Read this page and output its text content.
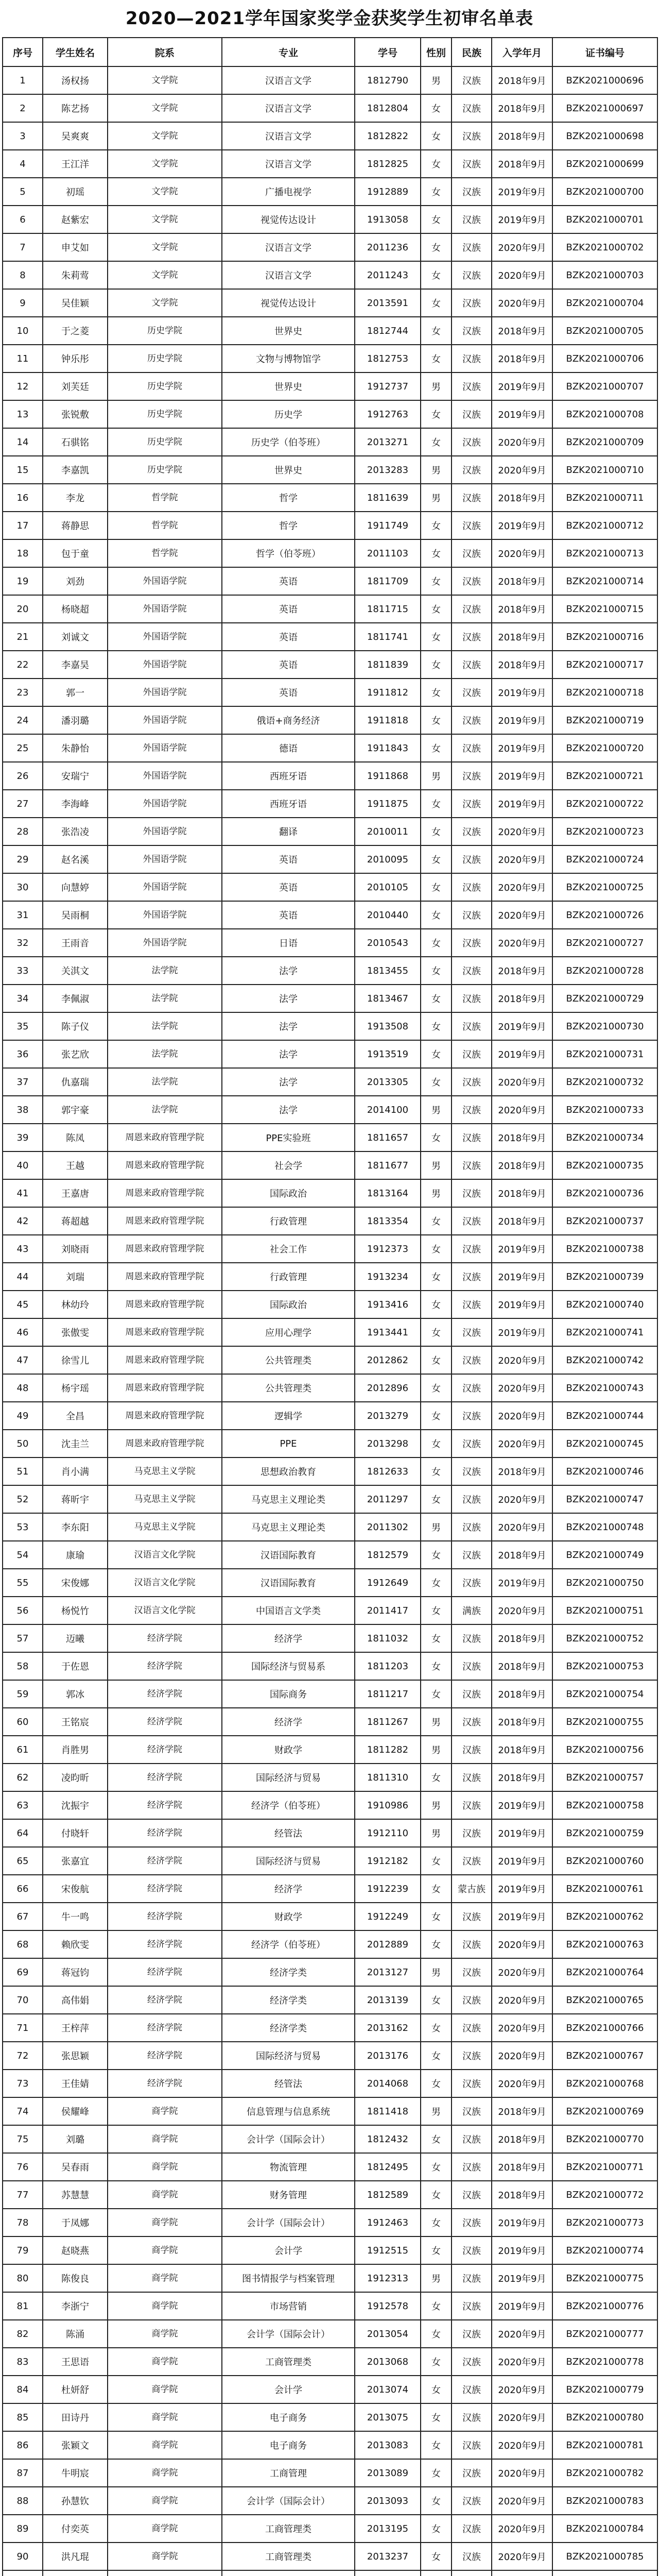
2020—2021学年国家奖学金获奖学生初审名单表
序号	学生姓名	院系	专业	学号	性别	民族	入学年月	证书编号
1	汤权扬	文学院	汉语言文学	1812790	男	汉族	2018年9月	BZK2021000696
2	陈艺扬	文学院	汉语言文学	1812804	女	汉族	2018年9月	BZK2021000697
3	吴爽爽	文学院	汉语言文学	1812822	女	汉族	2018年9月	BZK2021000698
4	王江洋	文学院	汉语言文学	1812825	女	汉族	2018年9月	BZK2021000699
5	初瑶	文学院	广播电视学	1912889	女	汉族	2019年9月	BZK2021000700
6	赵紫宏	文学院	视觉传达设计	1913058	女	汉族	2019年9月	BZK2021000701
7	申艾如	文学院	汉语言文学	2011236	女	汉族	2020年9月	BZK2021000702
8	朱莉莺	文学院	汉语言文学	2011243	女	汉族	2020年9月	BZK2021000703
9	吴佳颖	文学院	视觉传达设计	2013591	女	汉族	2020年9月	BZK2021000704
10	于之菱	历史学院	世界史	1812744	女	汉族	2018年9月	BZK2021000705
11	钟乐彤	历史学院	文物与博物馆学	1812753	女	汉族	2018年9月	BZK2021000706
12	刘芙廷	历史学院	世界史	1912737	男	汉族	2019年9月	BZK2021000707
13	张锐敷	历史学院	历史学	1912763	女	汉族	2019年9月	BZK2021000708
14	石骐铭	历史学院	历史学（伯苓班）	2013271	女	汉族	2020年9月	BZK2021000709
15	李嘉凯	历史学院	世界史	2013283	男	汉族	2020年9月	BZK2021000710
16	李龙	哲学院	哲学	1811639	男	汉族	2018年9月	BZK2021000711
17	蒋静思	哲学院	哲学	1911749	女	汉族	2019年9月	BZK2021000712
18	包于童	哲学院	哲学（伯苓班）	2011103	女	汉族	2020年9月	BZK2021000713
19	刘劲	外国语学院	英语	1811709	女	汉族	2018年9月	BZK2021000714
20	杨晓超	外国语学院	英语	1811715	女	汉族	2018年9月	BZK2021000715
21	刘诚文	外国语学院	英语	1811741	女	汉族	2018年9月	BZK2021000716
22	李嘉昊	外国语学院	英语	1811839	女	汉族	2018年9月	BZK2021000717
23	郭一	外国语学院	英语	1911812	女	汉族	2019年9月	BZK2021000718
24	潘羽璐	外国语学院	俄语+商务经济	1911818	女	汉族	2019年9月	BZK2021000719
25	朱静怡	外国语学院	德语	1911843	女	汉族	2019年9月	BZK2021000720
26	安瑞宁	外国语学院	西班牙语	1911868	男	汉族	2019年9月	BZK2021000721
27	李海峰	外国语学院	西班牙语	1911875	女	汉族	2019年9月	BZK2021000722
28	张浩凌	外国语学院	翻译	2010011	女	汉族	2020年9月	BZK2021000723
29	赵名溪	外国语学院	英语	2010095	女	汉族	2020年9月	BZK2021000724
30	向慧婷	外国语学院	英语	2010105	女	汉族	2020年9月	BZK2021000725
31	吴雨桐	外国语学院	英语	2010440	女	汉族	2020年9月	BZK2021000726
32	王雨音	外国语学院	日语	2010543	女	汉族	2020年9月	BZK2021000727
33	关淇文	法学院	法学	1813455	女	汉族	2018年9月	BZK2021000728
34	李佩淑	法学院	法学	1813467	女	汉族	2018年9月	BZK2021000729
35	陈子仪	法学院	法学	1913508	女	汉族	2019年9月	BZK2021000730
36	张艺欣	法学院	法学	1913519	女	汉族	2019年9月	BZK2021000731
37	仇嘉瑞	法学院	法学	2013305	女	汉族	2020年9月	BZK2021000732
38	郭宇豪	法学院	法学	2014100	男	汉族	2020年9月	BZK2021000733
39	陈凤	周恩来政府管理学院	PPE实验班	1811657	女	汉族	2018年9月	BZK2021000734
40	王越	周恩来政府管理学院	社会学	1811677	男	汉族	2018年9月	BZK2021000735
41	王嘉唐	周恩来政府管理学院	国际政治	1813164	男	汉族	2018年9月	BZK2021000736
42	蒋超越	周恩来政府管理学院	行政管理	1813354	女	汉族	2018年9月	BZK2021000737
43	刘晓雨	周恩来政府管理学院	社会工作	1912373	女	汉族	2019年9月	BZK2021000738
44	刘瑞	周恩来政府管理学院	行政管理	1913234	女	汉族	2019年9月	BZK2021000739
45	林幼玲	周恩来政府管理学院	国际政治	1913416	女	汉族	2019年9月	BZK2021000740
46	张傲雯	周恩来政府管理学院	应用心理学	1913441	女	汉族	2019年9月	BZK2021000741
47	徐雪儿	周恩来政府管理学院	公共管理类	2012862	女	汉族	2020年9月	BZK2021000742
48	杨宇瑶	周恩来政府管理学院	公共管理类	2012896	女	汉族	2020年9月	BZK2021000743
49	全昌	周恩来政府管理学院	逻辑学	2013279	女	汉族	2020年9月	BZK2021000744
50	沈圭兰	周恩来政府管理学院	PPE	2013298	女	汉族	2020年9月	BZK2021000745
51	肖小满	马克思主义学院	思想政治教育	1812633	女	汉族	2018年9月	BZK2021000746
52	蒋昕宇	马克思主义学院	马克思主义理论类	2011297	女	汉族	2020年9月	BZK2021000747
53	李东阳	马克思主义学院	马克思主义理论类	2011302	男	汉族	2020年9月	BZK2021000748
54	康瑜	汉语言文化学院	汉语国际教育	1812579	女	汉族	2018年9月	BZK2021000749
55	宋俊娜	汉语言文化学院	汉语国际教育	1912649	女	汉族	2019年9月	BZK2021000750
56	杨悦竹	汉语言文化学院	中国语言文学类	2011417	女	满族	2020年9月	BZK2021000751
57	迈曦	经济学院	经济学	1811032	女	汉族	2018年9月	BZK2021000752
58	于佐恩	经济学院	国际经济与贸易系	1811203	女	汉族	2018年9月	BZK2021000753
59	郭冰	经济学院	国际商务	1811217	女	汉族	2018年9月	BZK2021000754
60	王铭宸	经济学院	经济学	1811267	男	汉族	2018年9月	BZK2021000755
61	肖胜男	经济学院	财政学	1811282	男	汉族	2018年9月	BZK2021000756
62	凌昀昕	经济学院	国际经济与贸易	1811310	女	汉族	2018年9月	BZK2021000757
63	沈振宇	经济学院	经济学（伯苓班）	1910986	男	汉族	2019年9月	BZK2021000758
64	付晓轩	经济学院	经管法	1912110	男	汉族	2019年9月	BZK2021000759
65	张嘉宜	经济学院	国际经济与贸易	1912182	女	汉族	2019年9月	BZK2021000760
66	宋俊航	经济学院	经济学	1912239	女	蒙古族	2019年9月	BZK2021000761
67	牛一鸣	经济学院	财政学	1912249	女	汉族	2019年9月	BZK2021000762
68	赖欣雯	经济学院	经济学（伯苓班）	2012889	女	汉族	2020年9月	BZK2021000763
69	蒋冠钧	经济学院	经济学类	2013127	男	汉族	2020年9月	BZK2021000764
70	高伟娟	经济学院	经济学类	2013139	女	汉族	2020年9月	BZK2021000765
71	王梓萍	经济学院	经济学类	2013162	女	汉族	2020年9月	BZK2021000766
72	张思颖	经济学院	国际经济与贸易	2013176	女	汉族	2020年9月	BZK2021000767
73	王佳婧	经济学院	经管法	2014068	女	汉族	2020年9月	BZK2021000768
74	侯耀峰	商学院	信息管理与信息系统	1811418	男	汉族	2018年9月	BZK2021000769
75	刘璐	商学院	会计学（国际会计）	1812432	女	汉族	2018年9月	BZK2021000770
76	吴春雨	商学院	物流管理	1812495	女	汉族	2018年9月	BZK2021000771
77	苏慧慧	商学院	财务管理	1812589	女	汉族	2018年9月	BZK2021000772
78	于凤娜	商学院	会计学（国际会计）	1912463	女	汉族	2019年9月	BZK2021000773
79	赵晓燕	商学院	会计学	1912515	女	汉族	2019年9月	BZK2021000774
80	陈俊良	商学院	图书情报学与档案管理	1912313	男	汉族	2019年9月	BZK2021000775
81	李浙宁	商学院	市场营销	1912578	女	汉族	2019年9月	BZK2021000776
82	陈涌	商学院	会计学（国际会计）	2013054	女	汉族	2020年9月	BZK2021000777
83	王思语	商学院	工商管理类	2013068	女	汉族	2020年9月	BZK2021000778
84	杜妍舒	商学院	会计学	2013074	女	汉族	2020年9月	BZK2021000779
85	田诗丹	商学院	电子商务	2013075	女	汉族	2020年9月	BZK2021000780
86	张颖文	商学院	电子商务	2013083	女	汉族	2020年9月	BZK2021000781
87	牛明宸	商学院	工商管理	2013089	女	汉族	2020年9月	BZK2021000782
88	孙慧钦	商学院	会计学（国际会计）	2013093	女	汉族	2020年9月	BZK2021000783
89	付奕英	商学院	工商管理类	2013195	女	汉族	2020年9月	BZK2021000784
90	洪凡琨	商学院	工商管理类	2013237	女	汉族	2020年9月	BZK2021000785
